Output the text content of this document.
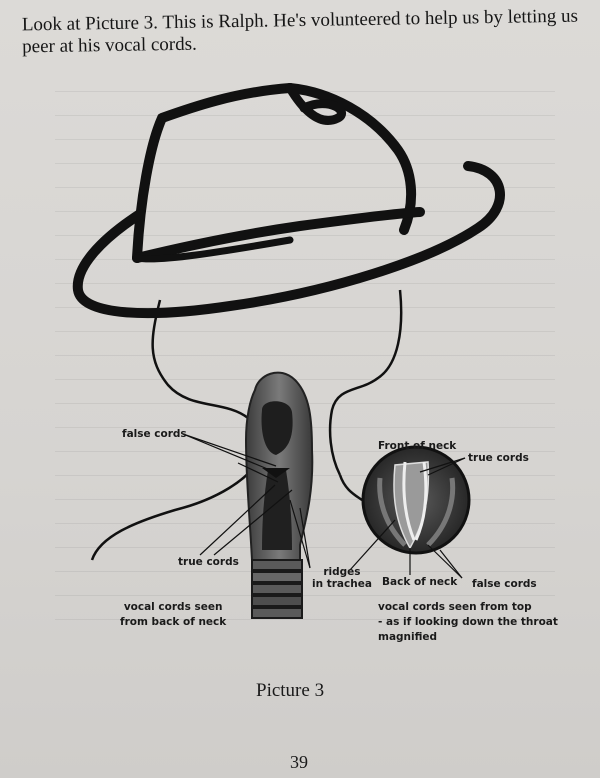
Look at Picture 3. This is Ralph. He's volunteered to help us by letting us peer at his vocal cords.
false cords
true cords
ridges
in trachea
vocal cords seen
from back of neck
Front of neck
true cords
Back of neck false cords
vocal cords seen from top
- as if looking down the throat
magnified
Picture 3
39
